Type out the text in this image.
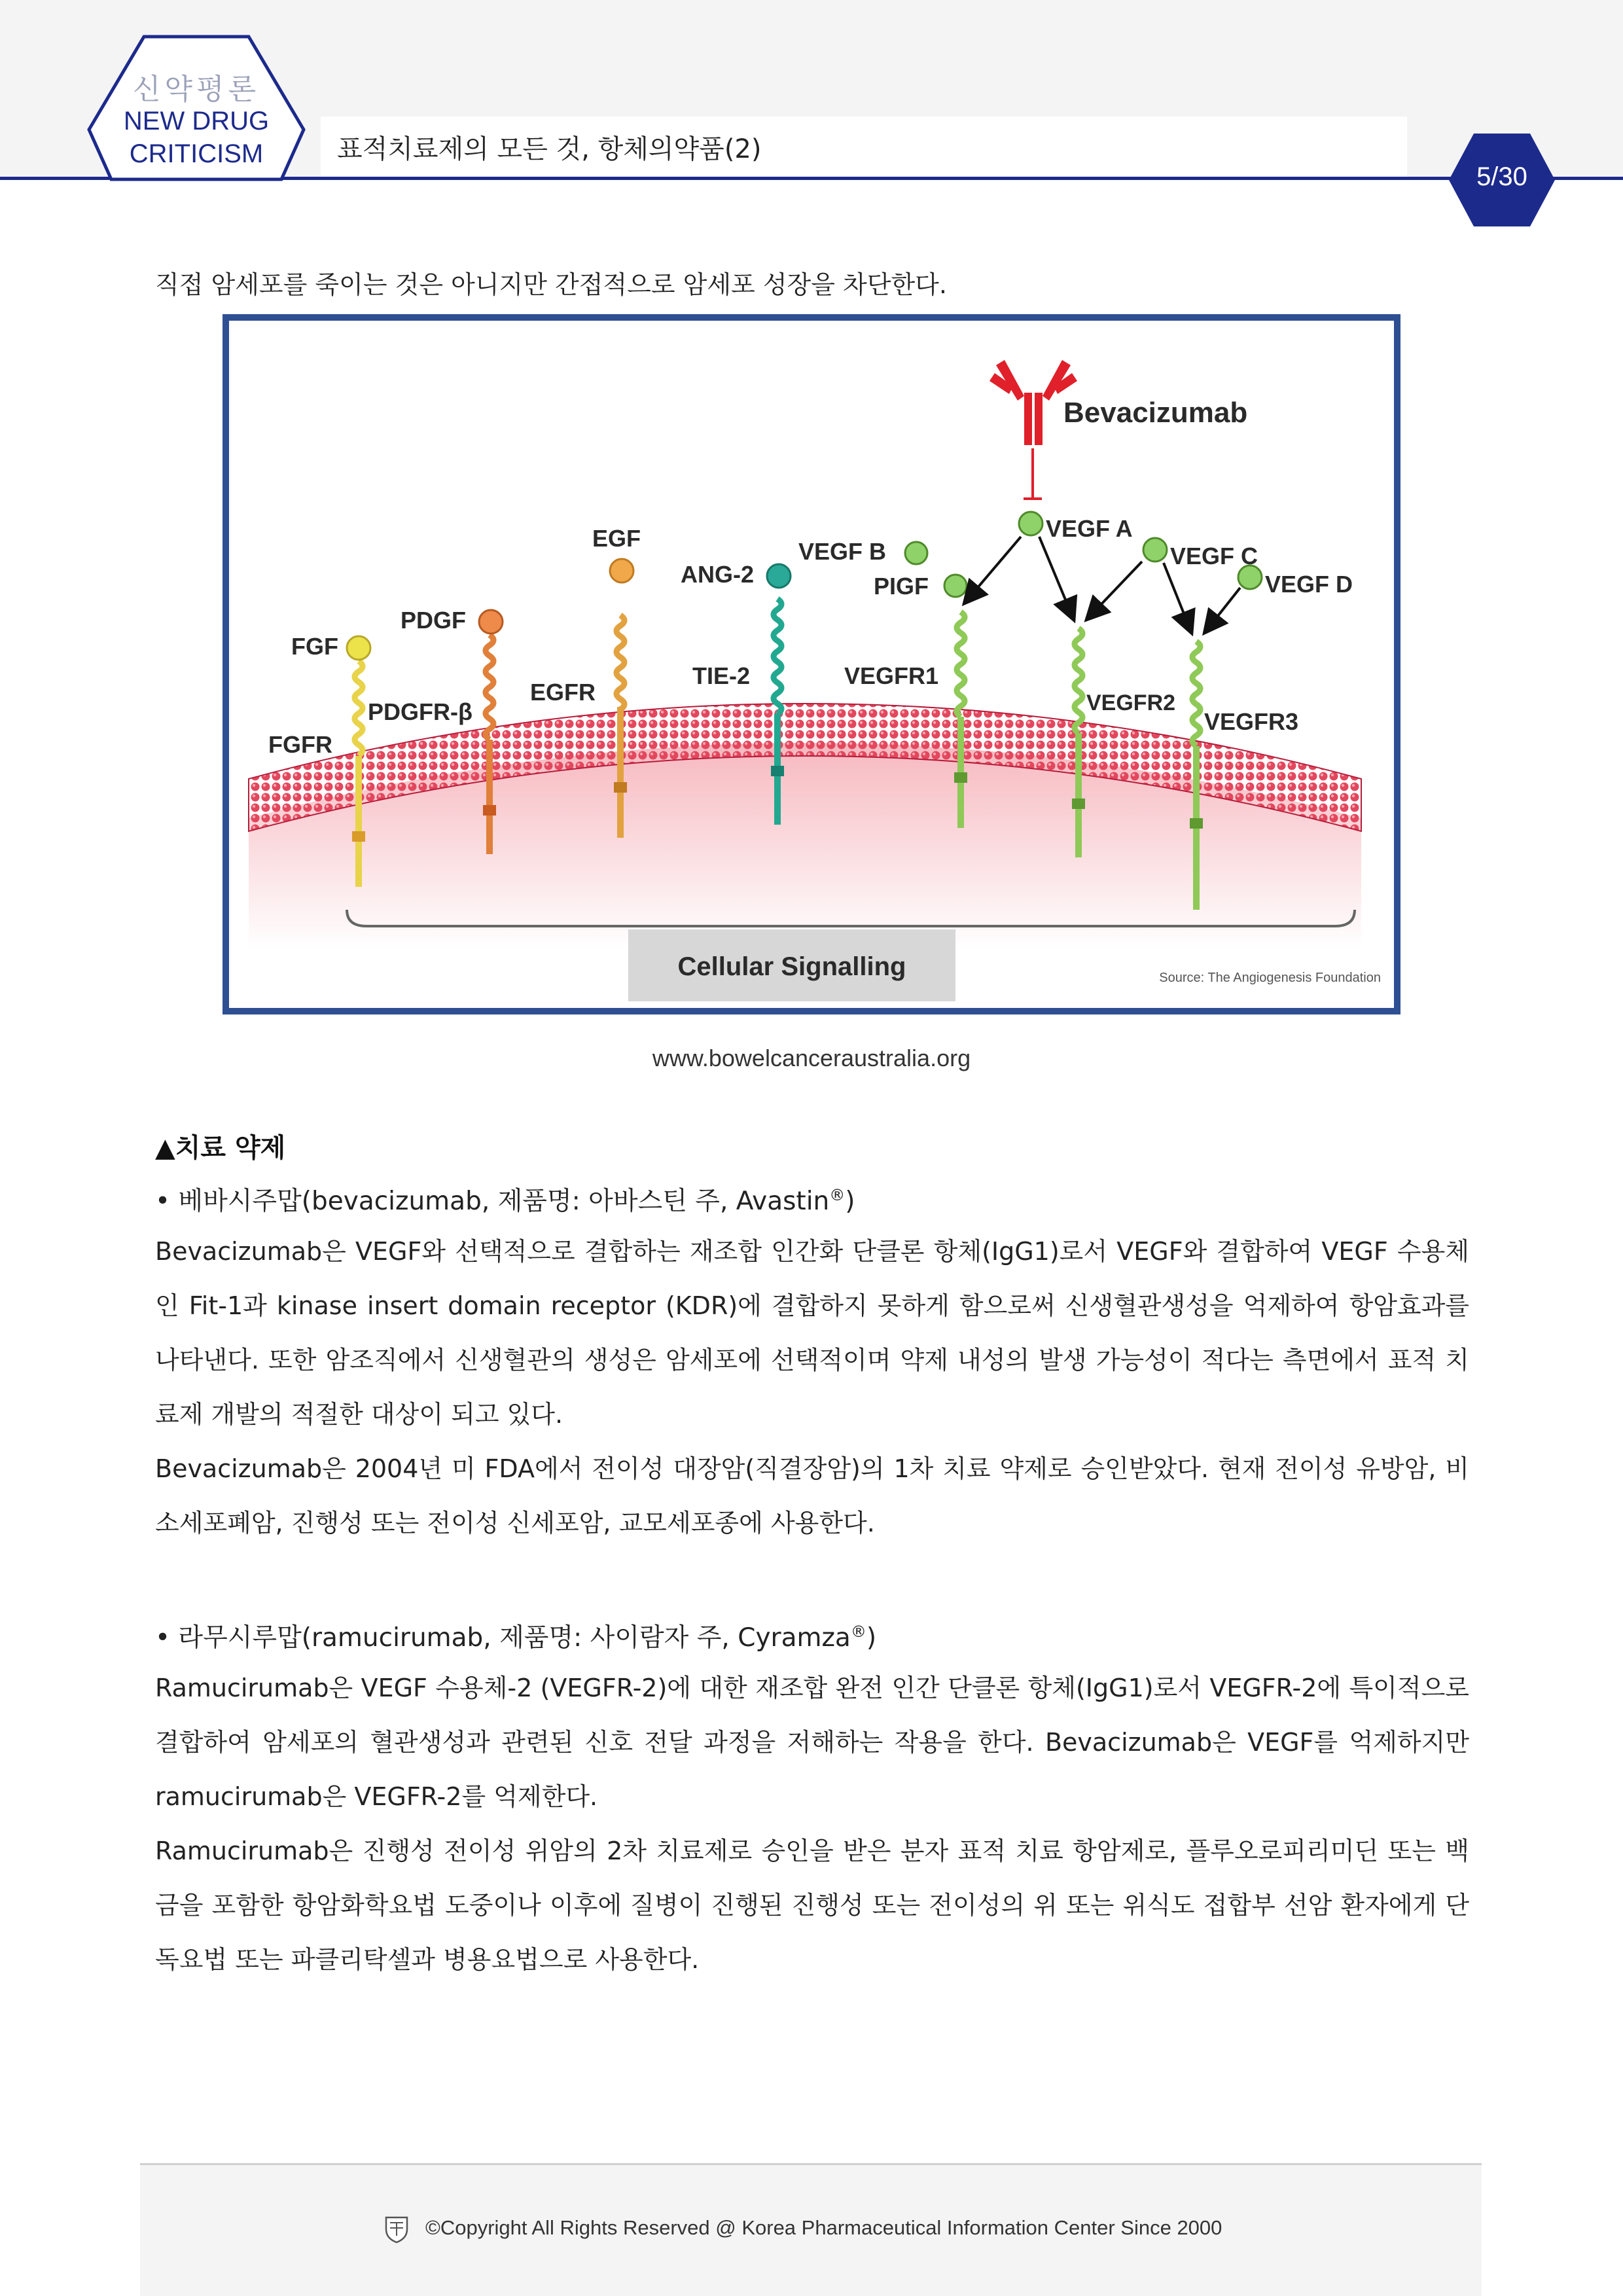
신약평론
NEW DRUG
CRITICISM	표적치료제의 모든 것, 항체의약품(2)
5/30
직접 암세포를 죽이는 것은 아니지만 간접적으로 암세포 성장을 차단한다.
Bevacizumab
FGF
PDGF
EGF
ANG-2
VEGF B
PIGF
VEGF A
VEGF C
VEGF D
FGFR
PDGFR-β
EGFR
TIE-2	VEGFR1
VEGFR2
VEGFR3
Cellular Signalling	Source: The Angiogenesis Foundation
www.bowelcanceraustralia.org
▲치료 약제
• 베바시주맙(bevacizumab, 제품명: 아바스틴 주, Avastin®)
Bevacizumab은 VEGF와 선택적으로 결합하는 재조합 인간화 단클론 항체(IgG1)로서 VEGF와 결합하여 VEGF 수용체인 Fit-1과 kinase insert domain receptor (KDR)에 결합하지 못하게 함으로써 신생혈관생성을 억제하여 항암효과를 나타낸다. 또한 암조직에서 신생혈관의 생성은 암세포에 선택적이며 약제 내성의 발생 가능성이 적다는 측면에서 표적 치료제 개발의 적절한 대상이 되고 있다.
Bevacizumab은 2004년 미 FDA에서 전이성 대장암(직결장암)의 1차 치료 약제로 승인받았다. 현재 전이성 유방암, 비소세포폐암, 진행성 또는 전이성 신세포암, 교모세포종에 사용한다.
• 라무시루맙(ramucirumab, 제품명: 사이람자 주, Cyramza®)
Ramucirumab은 VEGF 수용체-2 (VEGFR-2)에 대한 재조합 완전 인간 단클론 항체(IgG1)로서 VEGFR-2에 특이적으로 결합하여 암세포의 혈관생성과 관련된 신호 전달 과정을 저해하는 작용을 한다. Bevacizumab은 VEGF를 억제하지만 ramucirumab은 VEGFR-2를 억제한다.
Ramucirumab은 진행성 전이성 위암의 2차 치료제로 승인을 받은 분자 표적 치료 항암제로, 플루오로피리미딘 또는 백금을 포함한 항암화학요법 도중이나 이후에 질병이 진행된 진행성 또는 전이성의 위 또는 위식도 접합부 선암 환자에게 단독요법 또는 파클리탁셀과 병용요법으로 사용한다.
©Copyright All Rights Reserved @ Korea Pharmaceutical Information Center Since 2000
